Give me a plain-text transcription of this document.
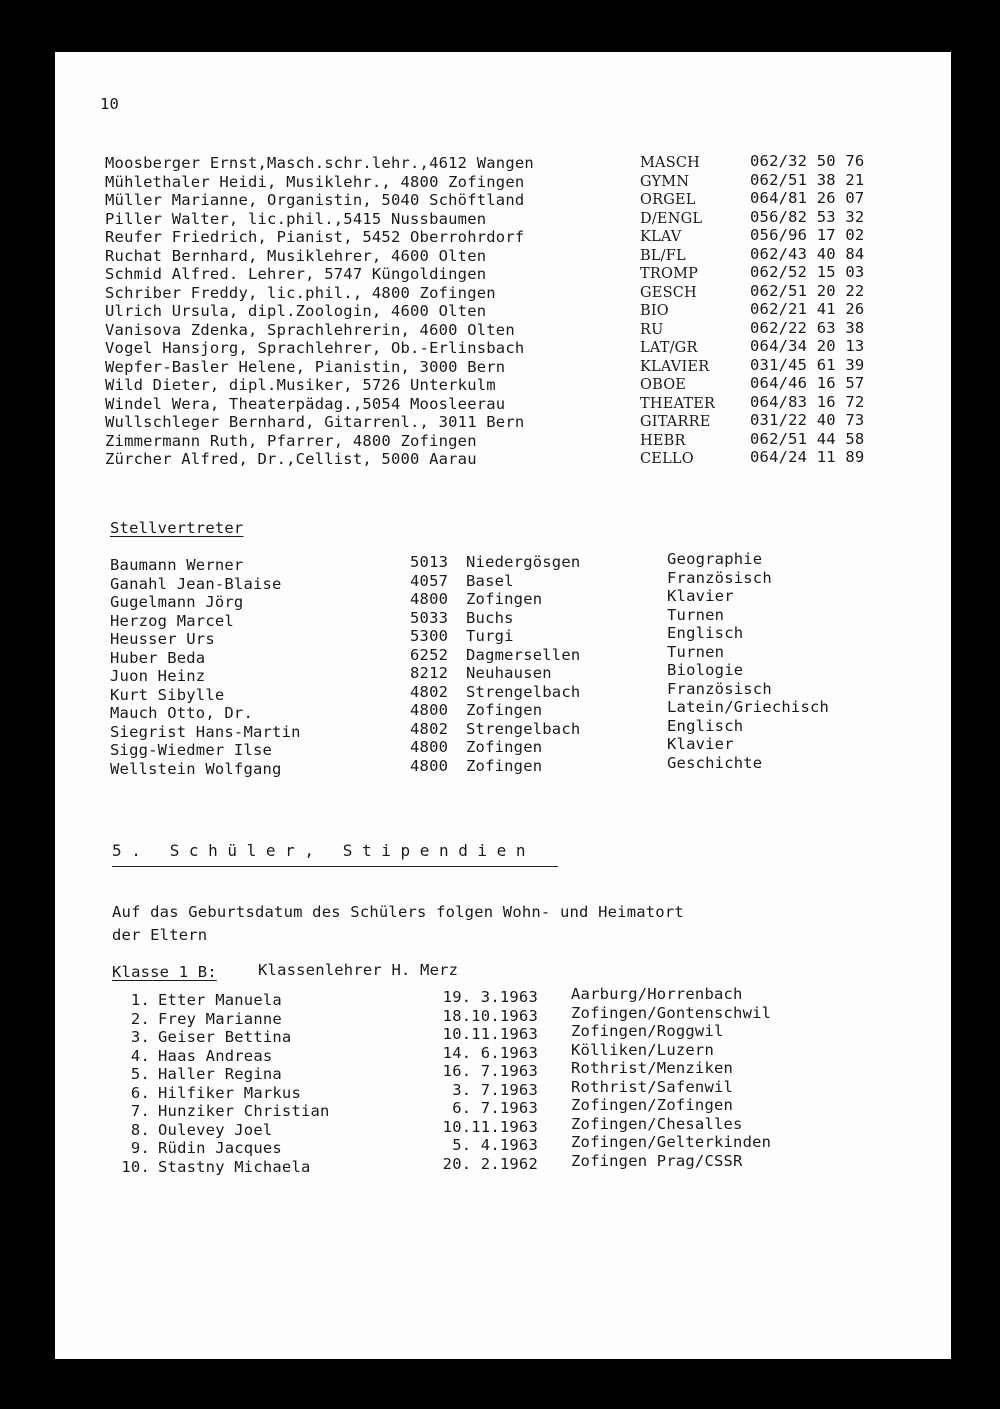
10
Moosberger Ernst,Masch.schr.lehr.,4612 Wangen
Mühlethaler Heidi, Musiklehr., 4800 Zofingen
Müller Marianne, Organistin, 5040 Schöftland
Piller Walter, lic.phil.,5415 Nussbaumen
Reufer Friedrich, Pianist, 5452 Oberrohrdorf
Ruchat Bernhard, Musiklehrer, 4600 Olten
Schmid Alfred. Lehrer, 5747 Küngoldingen
Schriber Freddy, lic.phil., 4800 Zofingen
Ulrich Ursula, dipl.Zoologin, 4600 Olten
Vanisova Zdenka, Sprachlehrerin, 4600 Olten
Vogel Hansjorg, Sprachlehrer, Ob.-Erlinsbach
Wepfer-Basler Helene, Pianistin, 3000 Bern
Wild Dieter, dipl.Musiker, 5726 Unterkulm
Windel Wera, Theaterpädag.,5054 Moosleerau
Wullschleger Bernhard, Gitarrenl., 3011 Bern
Zimmermann Ruth, Pfarrer, 4800 Zofingen
Zürcher Alfred, Dr.,Cellist, 5000 Aarau
MASCH
GYMN
ORGEL
D/ENGL
KLAV
BL/FL
TROMP
GESCH
BIO
RU
LAT/GR
KLAVIER
OBOE
THEATER
GITARRE
HEBR
CELLO
062/32 50 76
062/51 38 21
064/81 26 07
056/82 53 32
056/96 17 02
062/43 40 84
062/52 15 03
062/51 20 22
062/21 41 26
062/22 63 38
064/34 20 13
031/45 61 39
064/46 16 57
064/83 16 72
031/22 40 73
062/51 44 58
064/24 11 89
Stellvertreter
Baumann Werner
Ganahl Jean-Blaise
Gugelmann Jörg
Herzog Marcel
Heusser Urs
Huber Beda
Juon Heinz
Kurt Sibylle
Mauch Otto, Dr.
Siegrist Hans-Martin
Sigg-Wiedmer Ilse
Wellstein Wolfgang
5013
4057
4800
5033
5300
6252
8212
4802
4800
4802
4800
4800
Niedergösgen
Basel
Zofingen
Buchs
Turgi
Dagmersellen
Neuhausen
Strengelbach
Zofingen
Strengelbach
Zofingen
Zofingen
Geographie
Französisch
Klavier
Turnen
Englisch
Turnen
Biologie
Französisch
Latein/Griechisch
Englisch
Klavier
Geschichte
5. Schüler, Stipendien
Auf das Geburtsdatum des Schülers folgen Wohn- und Heimatort
der Eltern
Klasse 1 B:	Klassenlehrer H. Merz
1.
2.
3.
4.
5.
6.
7.
8.
9.
10.
Etter Manuela
Frey Marianne
Geiser Bettina
Haas Andreas
Haller Regina
Hilfiker Markus
Hunziker Christian
Oulevey Joel
Rüdin Jacques
Stastny Michaela
19. 3.1963
18.10.1963
10.11.1963
14. 6.1963
16. 7.1963
3. 7.1963
6. 7.1963
10.11.1963
5. 4.1963
20. 2.1962
Aarburg/Horrenbach
Zofingen/Gontenschwil
Zofingen/Roggwil
Kölliken/Luzern
Rothrist/Menziken
Rothrist/Safenwil
Zofingen/Zofingen
Zofingen/Chesalles
Zofingen/Gelterkinden
Zofingen Prag/CSSR
